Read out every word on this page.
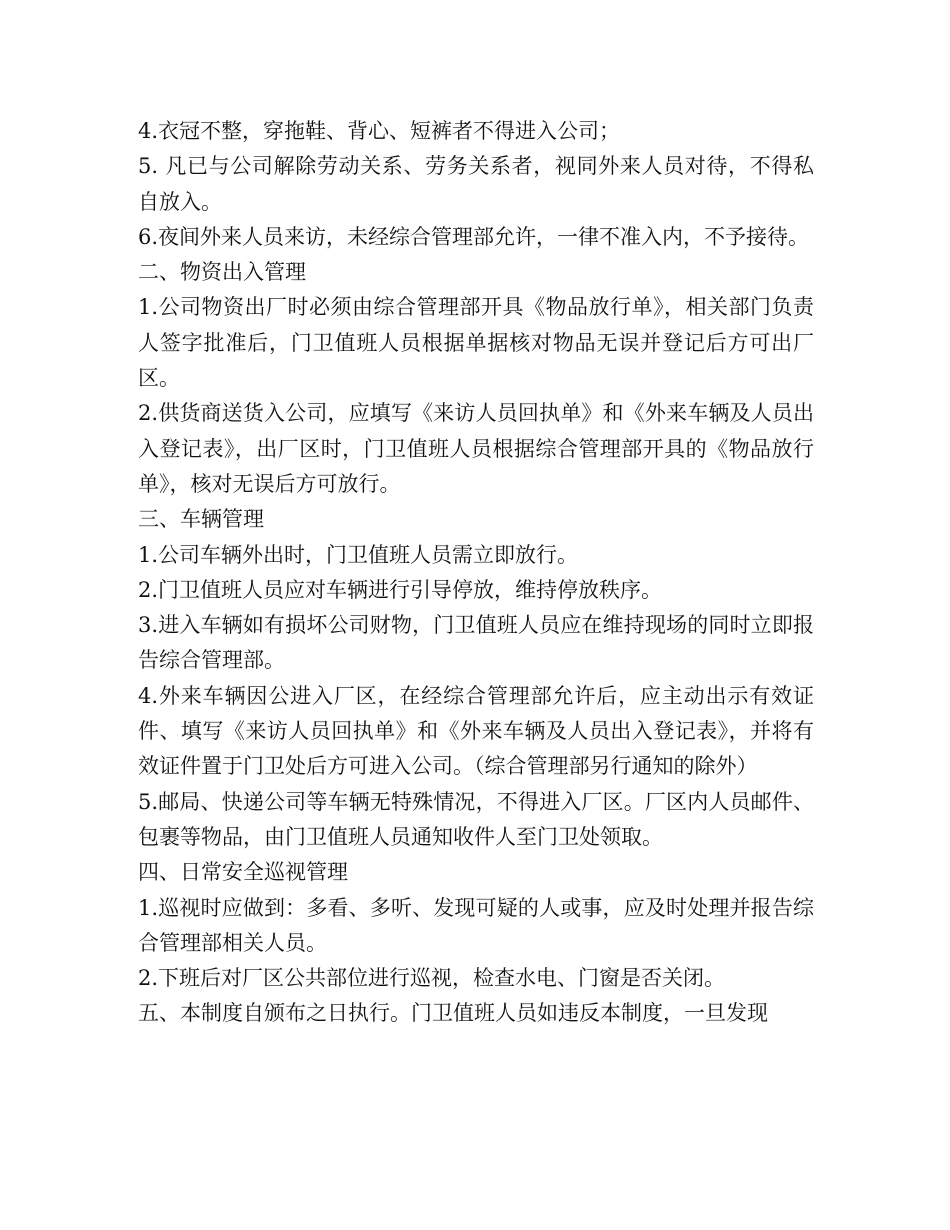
4.衣冠不整，穿拖鞋、背心、短裤者不得进入公司；

5. 凡已与公司解除劳动关系、劳务关系者，视同外来人员对待，不得私自放入。

6.夜间外来人员来访，未经综合管理部允许，一律不准入内，不予接待。

二、物资出入管理

1.公司物资出厂时必须由综合管理部开具《物品放行单》，相关部门负责人签字批准后，门卫值班人员根据单据核对物品无误并登记后方可出厂区。

2.供货商送货入公司，应填写《来访人员回执单》和《外来车辆及人员出入登记表》，出厂区时，门卫值班人员根据综合管理部开具的《物品放行单》，核对无误后方可放行。

三、车辆管理

1.公司车辆外出时，门卫值班人员需立即放行。

2.门卫值班人员应对车辆进行引导停放，维持停放秩序。

3.进入车辆如有损坏公司财物，门卫值班人员应在维持现场的同时立即报告综合管理部。

4.外来车辆因公进入厂区，在经综合管理部允许后，应主动出示有效证件、填写《来访人员回执单》和《外来车辆及人员出入登记表》，并将有效证件置于门卫处后方可进入公司。（综合管理部另行通知的除外）

5.邮局、快递公司等车辆无特殊情况，不得进入厂区。厂区内人员邮件、包裹等物品，由门卫值班人员通知收件人至门卫处领取。

四、日常安全巡视管理

1.巡视时应做到：多看、多听、发现可疑的人或事，应及时处理并报告综合管理部相关人员。

2.下班后对厂区公共部位进行巡视，检查水电、门窗是否关闭。

五、本制度自颁布之日执行。门卫值班人员如违反本制度，一旦发现
